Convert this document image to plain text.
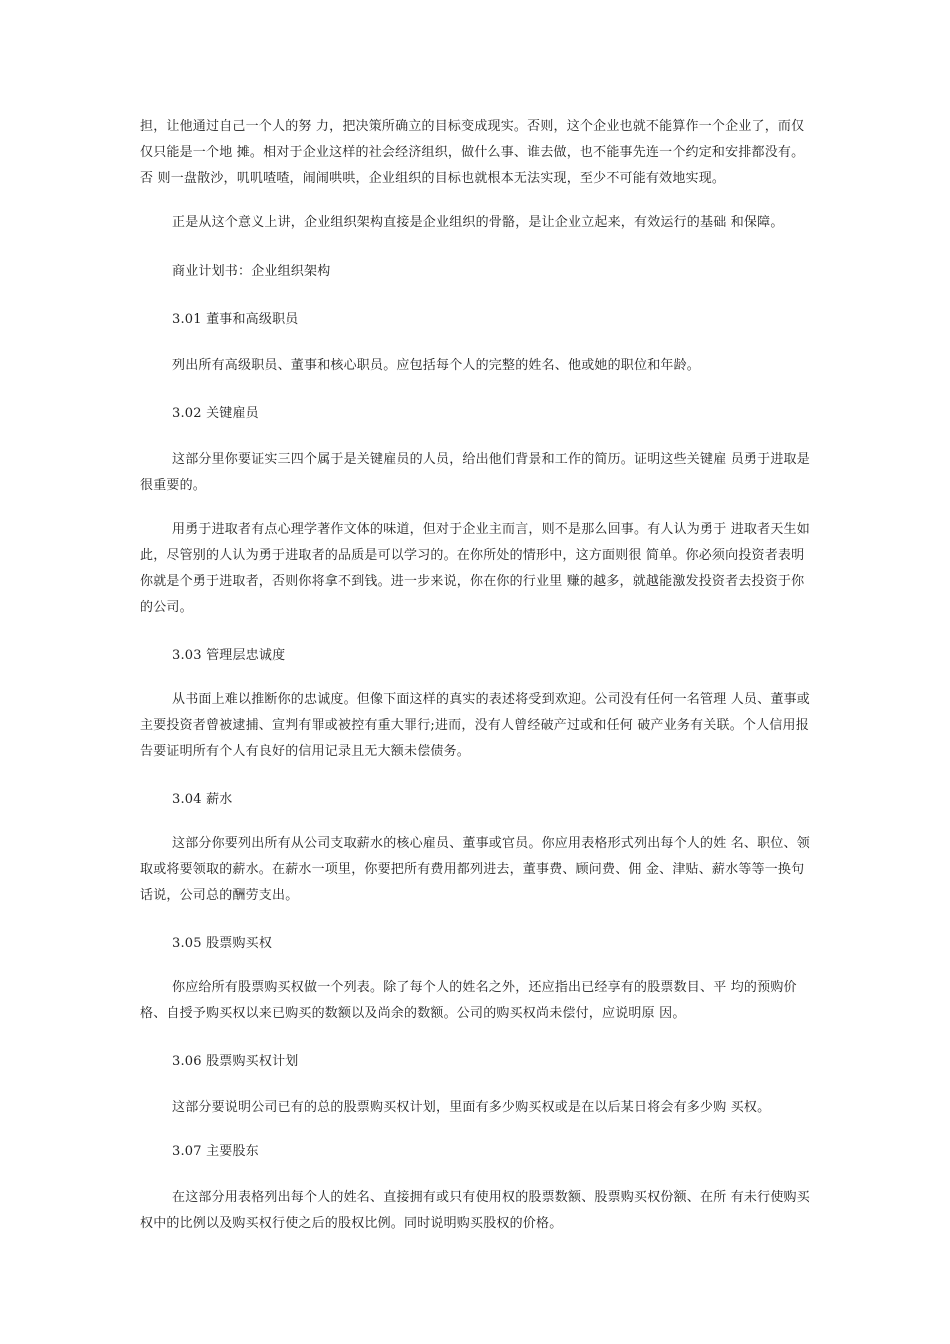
担，让他通过自己一个人的努 力，把决策所确立的目标变成现实。否则，这个企业也就不能算作一个企业了，而仅仅只能是一个地 摊。相对于企业这样的社会经济组织，做什么事、谁去做，也不能事先连一个约定和安排都没有。否 则一盘散沙，叽叽喳喳，闹闹哄哄，企业组织的目标也就根本无法实现，至少不可能有效地实现。

正是从这个意义上讲，企业组织架构直接是企业组织的骨骼，是让企业立起来，有效运行的基础 和保障。

商业计划书：企业组织架构

3.01 董事和高级职员

列出所有高级职员、董事和核心职员。应包括每个人的完整的姓名、他或她的职位和年龄。

3.02 关键雇员

这部分里你要证实三四个属于是关键雇员的人员，给出他们背景和工作的简历。证明这些关键雇 员勇于进取是很重要的。

用勇于进取者有点心理学著作文体的味道，但对于企业主而言，则不是那么回事。有人认为勇于 进取者天生如此，尽管别的人认为勇于进取者的品质是可以学习的。在你所处的情形中，这方面则很 简单。你必须向投资者表明你就是个勇于进取者，否则你将拿不到钱。进一步来说，你在你的行业里 赚的越多，就越能激发投资者去投资于你的公司。

3.03 管理层忠诚度

从书面上难以推断你的忠诚度。但像下面这样的真实的表述将受到欢迎。公司没有任何一名管理 人员、董事或主要投资者曾被逮捕、宣判有罪或被控有重大罪行;进而，没有人曾经破产过或和任何 破产业务有关联。个人信用报告要证明所有个人有良好的信用记录且无大额未偿债务。

3.04 薪水

这部分你要列出所有从公司支取薪水的核心雇员、董事或官员。你应用表格形式列出每个人的姓 名、职位、领取或将要领取的薪水。在薪水一项里，你要把所有费用都列进去，董事费、顾问费、佣 金、津贴、薪水等等一换句话说，公司总的酬劳支出。

3.05 股票购买权

你应给所有股票购买权做一个列表。除了每个人的姓名之外，还应指出已经享有的股票数目、平 均的预购价格、自授予购买权以来已购买的数额以及尚余的数额。公司的购买权尚未偿付，应说明原 因。

3.06 股票购买权计划

这部分要说明公司已有的总的股票购买权计划，里面有多少购买权或是在以后某日将会有多少购 买权。

3.07 主要股东

在这部分用表格列出每个人的姓名、直接拥有或只有使用权的股票数额、股票购买权份额、在所 有未行使购买权中的比例以及购买权行使之后的股权比例。同时说明购买股权的价格。
